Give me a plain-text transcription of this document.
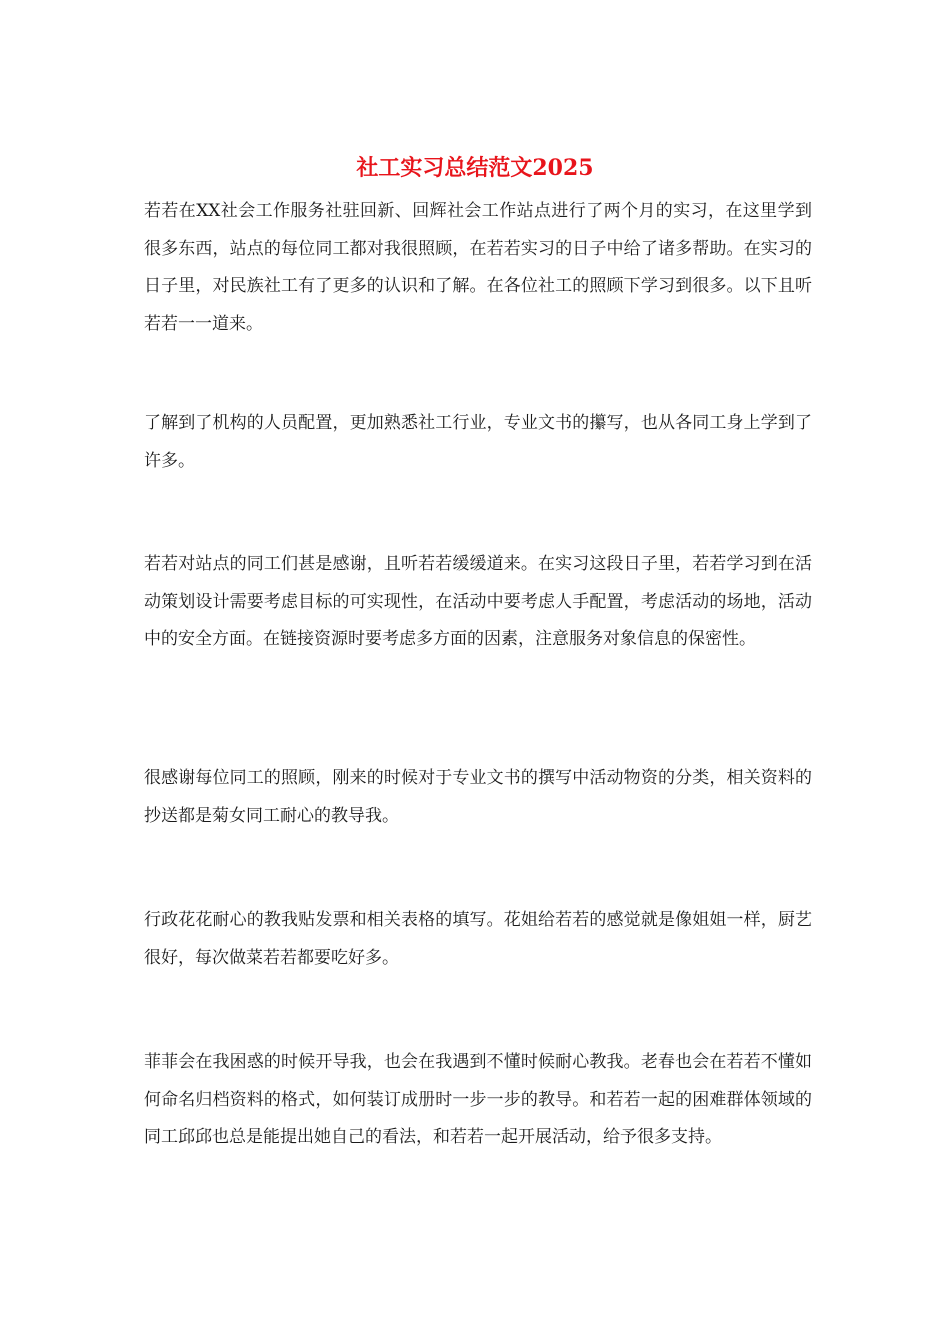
社工实习总结范文2025

若若在XX社会工作服务社驻回新、回辉社会工作站点进行了两个月的实习，在这里学到很多东西，站点的每位同工都对我很照顾，在若若实习的日子中给了诸多帮助。在实习的日子里，对民族社工有了更多的认识和了解。在各位社工的照顾下学习到很多。以下且听若若一一道来。

了解到了机构的人员配置，更加熟悉社工行业，专业文书的攥写，也从各同工身上学到了许多。

若若对站点的同工们甚是感谢，且听若若缓缓道来。在实习这段日子里，若若学习到在活动策划设计需要考虑目标的可实现性，在活动中要考虑人手配置，考虑活动的场地，活动中的安全方面。在链接资源时要考虑多方面的因素，注意服务对象信息的保密性。

很感谢每位同工的照顾，刚来的时候对于专业文书的撰写中活动物资的分类，相关资料的抄送都是菊女同工耐心的教导我。

行政花花耐心的教我贴发票和相关表格的填写。花姐给若若的感觉就是像姐姐一样，厨艺很好，每次做菜若若都要吃好多。

菲菲会在我困惑的时候开导我，也会在我遇到不懂时候耐心教我。老春也会在若若不懂如何命名归档资料的格式，如何装订成册时一步一步的教导。和若若一起的困难群体领域的同工邱邱也总是能提出她自己的看法，和若若一起开展活动，给予很多支持。
